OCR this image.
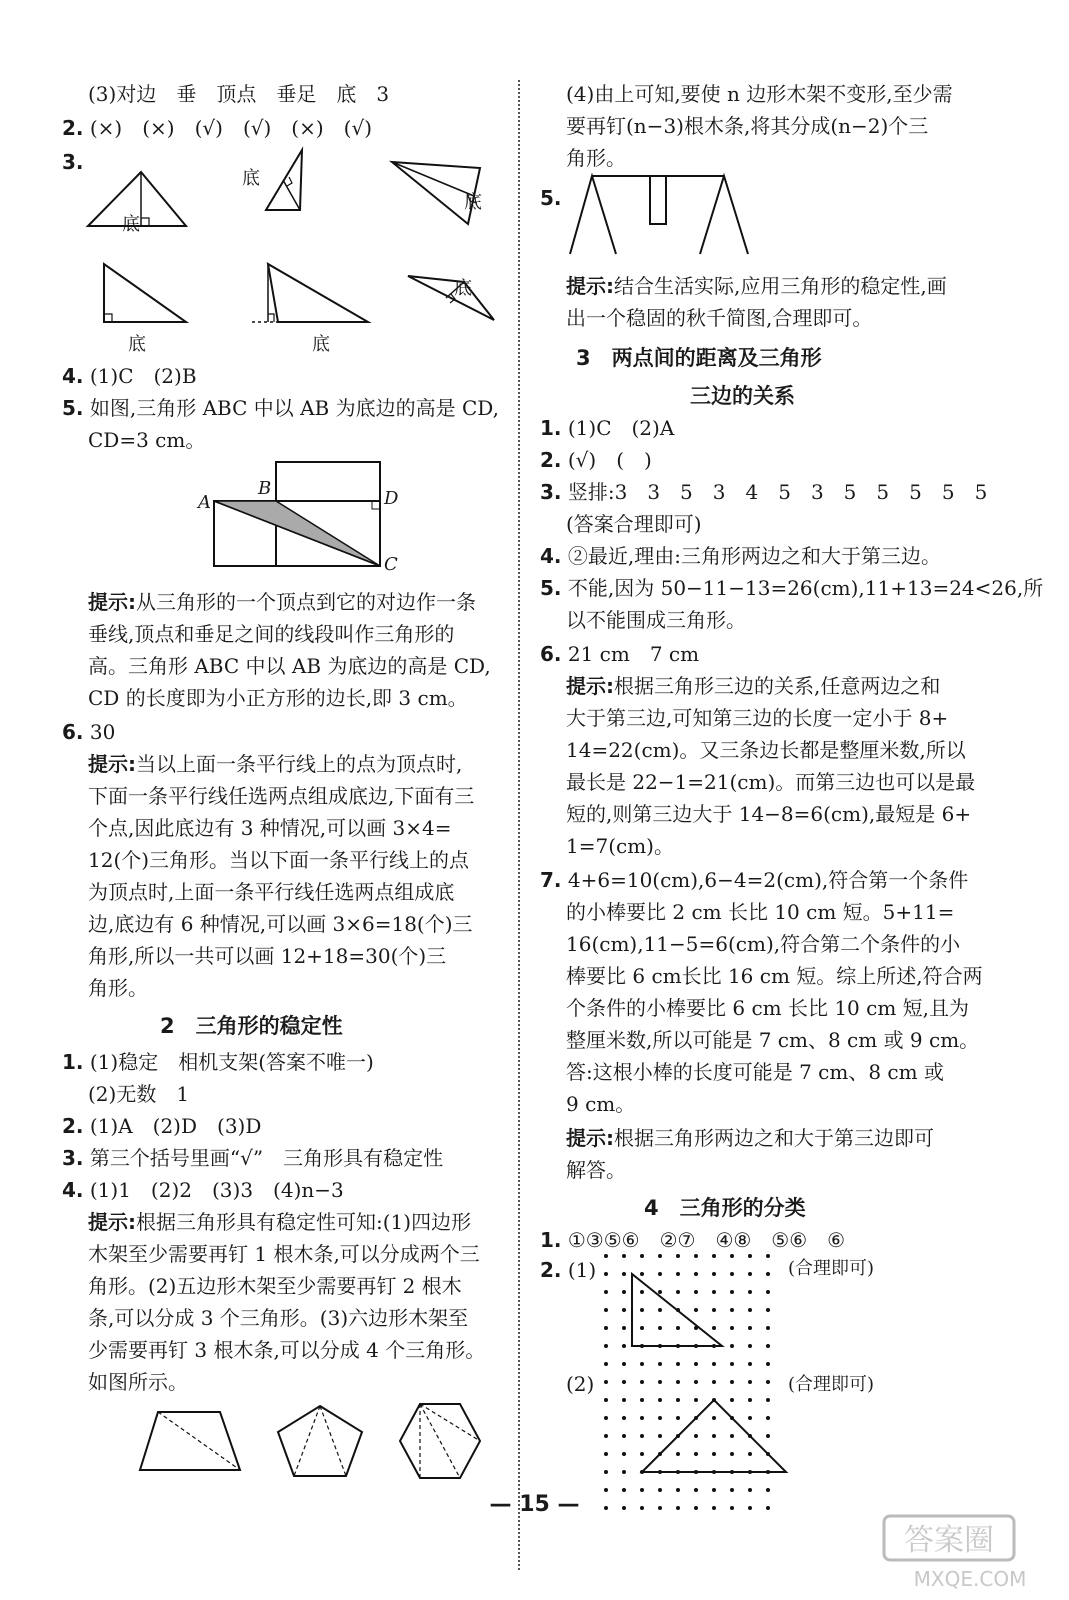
(3)对边　垂　顶点　垂足　底　3
2. (×)　(×)　(√)　(√)　(×)　(√)
3.
底
底
底
底	底
底
4. (1)C　(2)B
5. 如图,三角形 ABC 中以 AB 为底边的高是 CD,
CD=3 cm。
A
B	D
C
提示:从三角形的一个顶点到它的对边作一条
垂线,顶点和垂足之间的线段叫作三角形的
高。三角形 ABC 中以 AB 为底边的高是 CD,
CD 的长度即为小正方形的边长,即 3 cm。
6. 30
提示:当以上面一条平行线上的点为顶点时,
下面一条平行线任选两点组成底边,下面有三
个点,因此底边有 3 种情况,可以画 3×4=
12(个)三角形。当以下面一条平行线上的点
为顶点时,上面一条平行线任选两点组成底
边,底边有 6 种情况,可以画 3×6=18(个)三
角形,所以一共可以画 12+18=30(个)三
角形。
2　 三角形的稳定性
1. (1)稳定　相机支架(答案不唯一)
(2)无数　1
2. (1)A　(2)D　(3)D
3. 第三个括号里画“√”　三角形具有稳定性
4. (1)1　(2)2　(3)3　(4)n−3
提示:根据三角形具有稳定性可知:(1)四边形
木架至少需要再钉 1 根木条,可以分成两个三
角形。(2)五边形木架至少需要再钉 2 根木
条,可以分成 3 个三角形。(3)六边形木架至
少需要再钉 3 根木条,可以分成 4 个三角形。
如图所示。
(4)由上可知,要使 n 边形木架不变形,至少需
要再钉(n−3)根木条,将其分成(n−2)个三
角形。
5.
提示:结合生活实际,应用三角形的稳定性,画
出一个稳固的秋千简图,合理即可。
3　 两点间的距离及三角形
三边的关系
1. (1)C　(2)A
2. (√)　(　)
3. 竖排:3　3　5　3　4　5　3　5　5　5　5　5
(答案合理即可)
4. ②最近,理由:三角形两边之和大于第三边。
5. 不能,因为 50−11−13=26(cm),11+13=24<26,所
以不能围成三角形。
6. 21 cm　7 cm
提示:根据三角形三边的关系,任意两边之和
大于第三边,可知第三边的长度一定小于 8+
14=22(cm)。又三条边长都是整厘米数,所以
最长是 22−1=21(cm)。而第三边也可以是最
短的,则第三边大于 14−8=6(cm),最短是 6+
1=7(cm)。
7. 4+6=10(cm),6−4=2(cm),符合第一个条件
的小棒要比 2 cm 长比 10 cm 短。5+11=
16(cm),11−5=6(cm),符合第二个条件的小
棒要比 6 cm长比 16 cm 短。综上所述,符合两
个条件的小棒要比 6 cm 长比 10 cm 短,且为
整厘米数,所以可能是 7 cm、8 cm 或 9 cm。
答:这根小棒的长度可能是 7 cm、8 cm 或
9 cm。
提示:根据三角形两边之和大于第三边即可
解答。
4　 三角形的分类
1. ①③⑤⑥　②⑦　④⑧　⑤⑥　⑥
2. (1)	(合理即可)
(2)	(合理即可)
— 15 —
答案圈
MXQE.COM
